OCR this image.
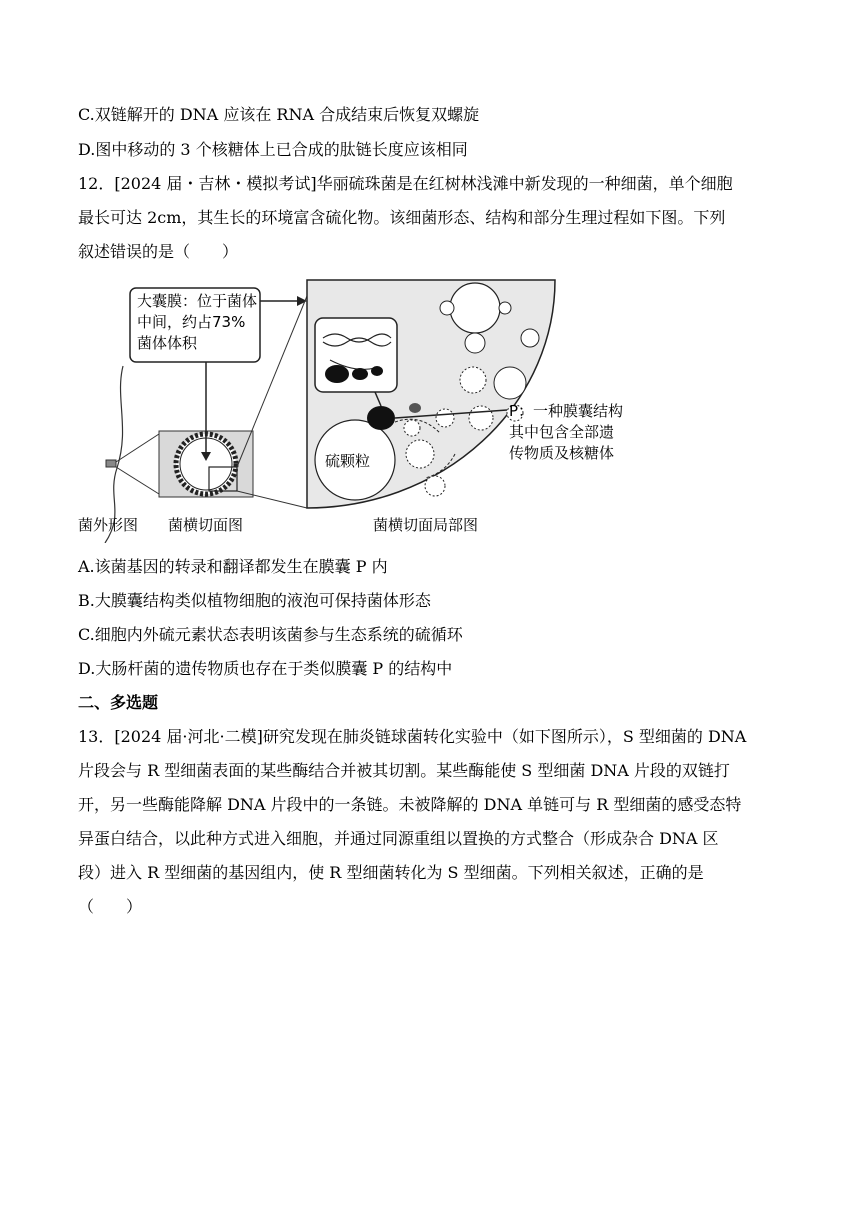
C.双链解开的 DNA 应该在 RNA 合成结束后恢复双螺旋
D.图中移动的 3 个核糖体上已合成的肽链长度应该相同
12．[2024 届・吉林・模拟考试]华丽硫珠菌是在红树林浅滩中新发现的一种细菌，单个细胞
最长可达 2cm，其生长的环境富含硫化物。该细菌形态、结构和部分生理过程如下图。下列
叙述错误的是（　　）
大囊膜：位于菌体
中间，约占73%
菌体体积
P：一种膜囊结构
其中包含全部遗
传物质及核糖体
硫颗粒
菌外形图 菌横切面图	菌横切面局部图
A.该菌基因的转录和翻译都发生在膜囊 P 内
B.大膜囊结构类似植物细胞的液泡可保持菌体形态
C.细胞内外硫元素状态表明该菌参与生态系统的硫循环
D.大肠杆菌的遗传物质也存在于类似膜囊 P 的结构中
二、多选题
13．[2024 届·河北·二模]研究发现在肺炎链球菌转化实验中（如下图所示），S 型细菌的 DNA
片段会与 R 型细菌表面的某些酶结合并被其切割。某些酶能使 S 型细菌 DNA 片段的双链打
开，另一些酶能降解 DNA 片段中的一条链。未被降解的 DNA 单链可与 R 型细菌的感受态特
异蛋白结合，以此种方式进入细胞，并通过同源重组以置换的方式整合（形成杂合 DNA 区
段）进入 R 型细菌的基因组内，使 R 型细菌转化为 S 型细菌。下列相关叙述，正确的是
（　　）
